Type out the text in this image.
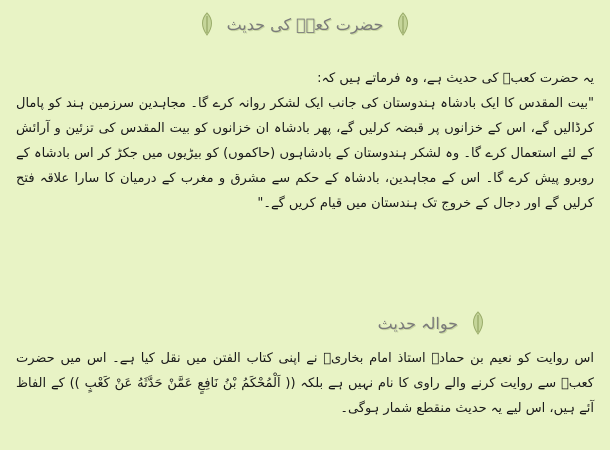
حضرت کعبؓ کی حدیث

یہ حضرت کعبؓ کی حدیث ہے، وہ فرماتے ہیں کہ:

"بیت المقدس کا ایک بادشاہ ہندوستان کی جانب ایک لشکر روانہ کرے گا۔ مجاہدین سرزمین ہند کو پامال کرڈالیں گے، اس کے خزانوں پر قبضہ کرلیں گے، پھر بادشاہ ان خزانوں کو بیت المقدس کی تزئین و آرائش کے لئے استعمال کرے گا۔ وہ لشکر ہندوستان کے بادشاہوں (حاکموں) کو بیڑیوں میں جکڑ کر اس بادشاہ کے روبرو پیش کرے گا۔ اس کے مجاہدین، بادشاہ کے حکم سے مشرق و مغرب کے درمیان کا سارا علاقہ فتح کرلیں گے اور دجال کے خروج تک ہندستان میں قیام کریں گے۔"

حوالہ حدیث

اس روایت کو نعیم بن حمادؒ استاذ امام بخاریؒ نے اپنی کتاب الفتن میں نقل کیا ہے۔ اس میں حضرت کعبؓ سے روایت کرنے والے راوی کا نام نہیں ہے بلکہ (( اَلْمُحْکَمُ بْنُ نَافِعٍ عَمَّنْ حَدَّثَهُ عَنْ کَعْبٍ )) کے الفاظ آئے ہیں، اس لیے یہ حدیث منقطع شمار ہوگی۔
